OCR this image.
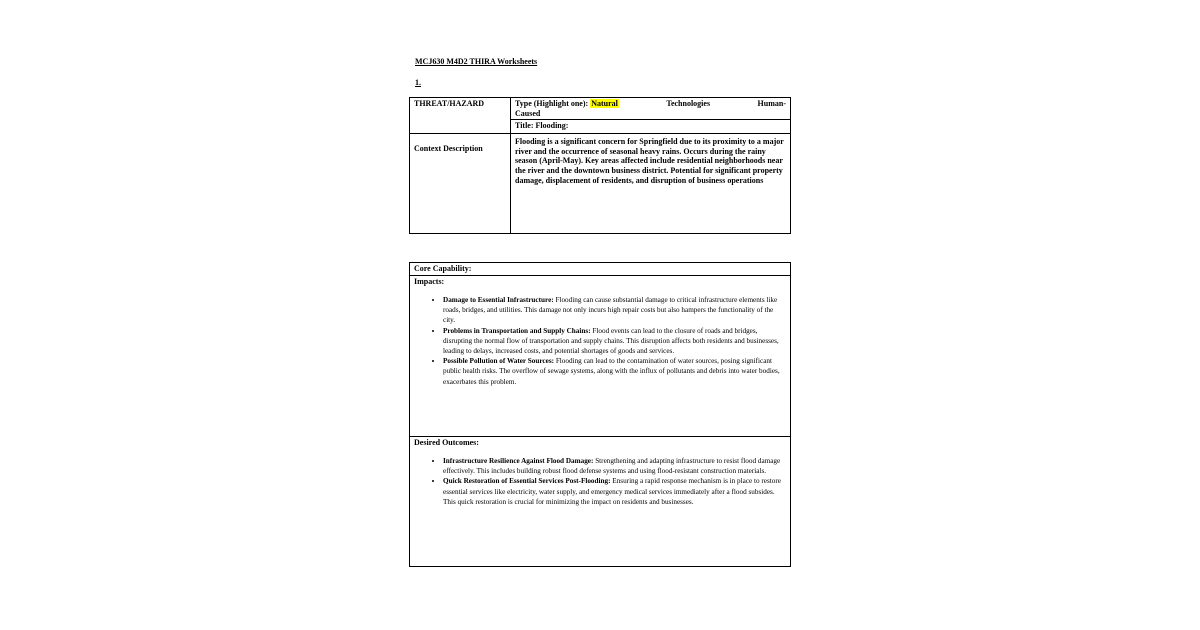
MCJ630 M4D2 THIRA Worksheets
1.
THREAT/HAZARD	Type (Highlight one): Natural Technologies Human-
Caused

	Title: Flooding:
Context Description	Flooding is a significant concern for Springfield due to its proximity to a major river and the occurrence of seasonal heavy rains. Occurs during the rainy season (April-May). Key areas affected include residential neighborhoods near the river and the downtown business district. Potential for significant property damage, displacement of residents, and disruption of business operations
Core Capability:

Impacts:
• Damage to Essential Infrastructure: Flooding can cause substantial damage to critical infrastructure elements like roads, bridges, and utilities. This damage not only incurs high repair costs but also hampers the functionality of the city.
• Problems in Transportation and Supply Chains: Flood events can lead to the closure of roads and bridges, disrupting the normal flow of transportation and supply chains. This disruption affects both residents and businesses, leading to delays, increased costs, and potential shortages of goods and services.
• Possible Pollution of Water Sources: Flooding can lead to the contamination of water sources, posing significant public health risks. The overflow of sewage systems, along with the influx of pollutants and debris into water bodies, exacerbates this problem.

Desired Outcomes:
• Infrastructure Resilience Against Flood Damage: Strengthening and adapting infrastructure to resist flood damage effectively. This includes building robust flood defense systems and using flood-resistant construction materials.
• Quick Restoration of Essential Services Post-Flooding: Ensuring a rapid response mechanism is in place to restore essential services like electricity, water supply, and emergency medical services immediately after a flood subsides. This quick restoration is crucial for minimizing the impact on residents and businesses.
